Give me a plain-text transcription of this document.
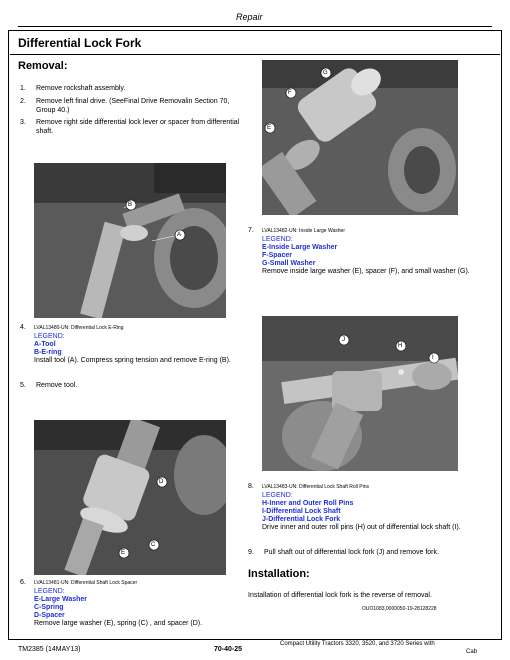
Repair
Differential Lock Fork
Removal:
1. Remove rockshaft assembly.
2. Remove left final drive. (SeeFinal Drive Removalin Section 70, Group 40.)
3. Remove right side differential lock lever or spacer from differential shaft.
B
A
4. LVAL13480-UN: Differential Lock E-Ring
LEGEND:
A-Tool
B-E-ring
Install tool (A). Compress spring tension and remove E-ring (B).
5. Remove tool.
D
C
E
6. LVAL13481-UN: Differential Shaft Lock Spacer
LEGEND:
E-Large Washer
C-Spring
D-Spacer
Remove large washer (E), spring (C) , and spacer (D).
G
F
E
7. LVAL13482-UN: Inside Large Washer
LEGEND:
E-Inside Large Washer
F-Spacer
G-Small Washer
Remove inside large washer (E), spacer (F), and small washer (G).
J
H
I
8. LVAL13483-UN: Differential Lock Shaft Roll Pins
LEGEND:
H-Inner and Outer Roll Pins
I-Differential Lock Shaft
J-Differential Lock Fork
Drive inner and outer roll pins (H) out of differential lock shaft (I).
9. Pull shaft out of differential lock fork (J) and remove fork.
Installation:
Installation of differential lock fork is the reverse of removal.
OUO1083,0000050-19-28128228
TM2385 (14MAY13)	70-40-25
Compact Utility Tractors 3320, 3520, and 3720 Series with
Cab
